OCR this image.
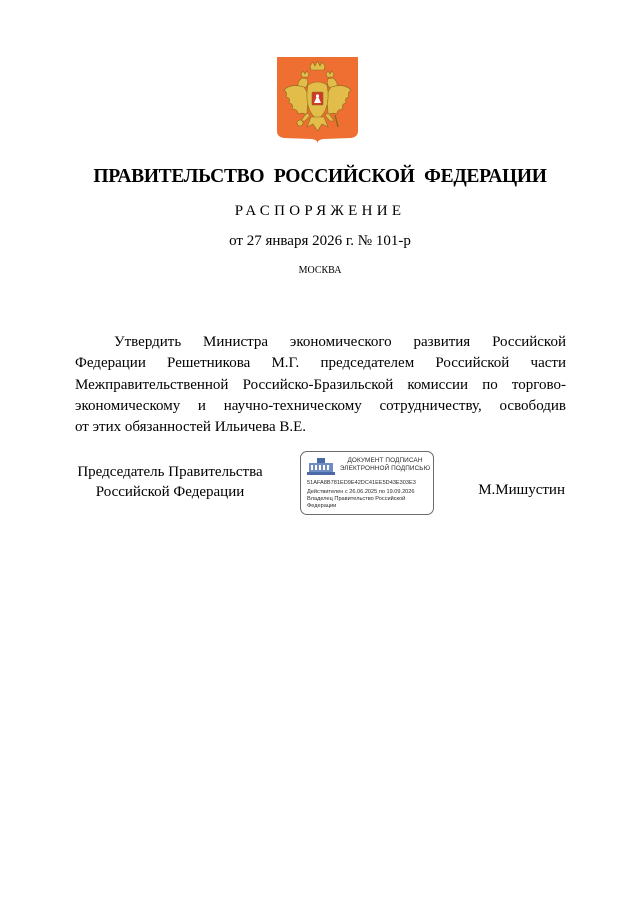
ПРАВИТЕЛЬСТВО РОССИЙСКОЙ ФЕДЕРАЦИИ
РАСПОРЯЖЕНИЕ
от 27 января 2026 г. № 101-р
МОСКВА
Утвердить Министра экономического развития Российской
Федерации Решетникова М.Г. председателем Российской части
Межправительственной Российско-Бразильской комиссии по торгово-
экономическому и научно-техническому сотрудничеству, освободив
от этих обязанностей Ильичева В.Е.
Председатель Правительства
Российской Федерации
ДОКУМЕНТ ПОДПИСАН
ЭЛЕКТРОННОЙ ПОДПИСЬЮ
51AFA8B781ED9E42DC41EE5D43E303E3
Действителен с 26.06.2025 по 19.09.2026
Владелец Правительство Российской
Федерации
М.Мишустин
